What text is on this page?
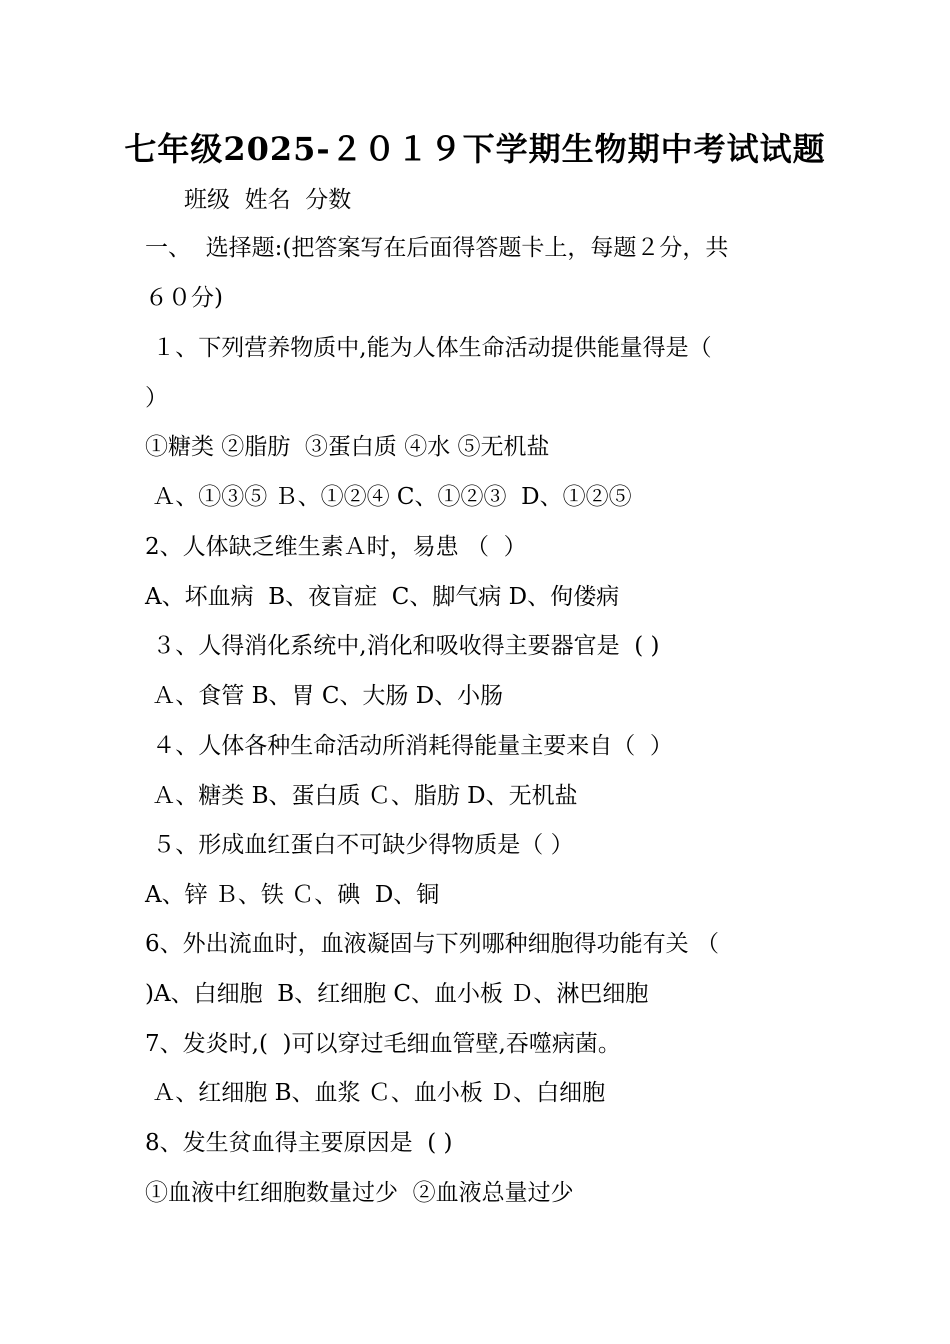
七年级2025-２０１９下学期生物期中考试试题
班级  姓名  分数
一、  选择题:(把答案写在后面得答题卡上，每题２分，共
６０分)
１、下列营养物质中,能为人体生命活动提供能量得是（
）
①糖类 ②脂肪  ③蛋白质 ④水 ⑤无机盐
Ａ、①③⑤ Ｂ、①②④ C、①②③  D、①②⑤
2、人体缺乏维生素Ａ时，易患 （  ）
A、坏血病  B、夜盲症  C、脚气病 D、佝偻病
３、人得消化系统中,消化和吸收得主要器官是  ( )
Ａ、食管 B、胃 C、大肠 D、小肠
４、人体各种生命活动所消耗得能量主要来自（  ）
Ａ、糖类 B、蛋白质 Ｃ、脂肪 D、无机盐
５、形成血红蛋白不可缺少得物质是（ ）
A、锌 Ｂ、铁 Ｃ、碘  D、铜
6、外出流血时，血液凝固与下列哪种细胞得功能有关 （
)A、白细胞  B、红细胞 C、血小板 Ｄ、淋巴细胞
7、发炎时,(  )可以穿过毛细血管壁,吞噬病菌。
Ａ、红细胞 B、血浆 Ｃ、血小板 Ｄ、白细胞
8、发生贫血得主要原因是  ( )
①血液中红细胞数量过少  ②血液总量过少
